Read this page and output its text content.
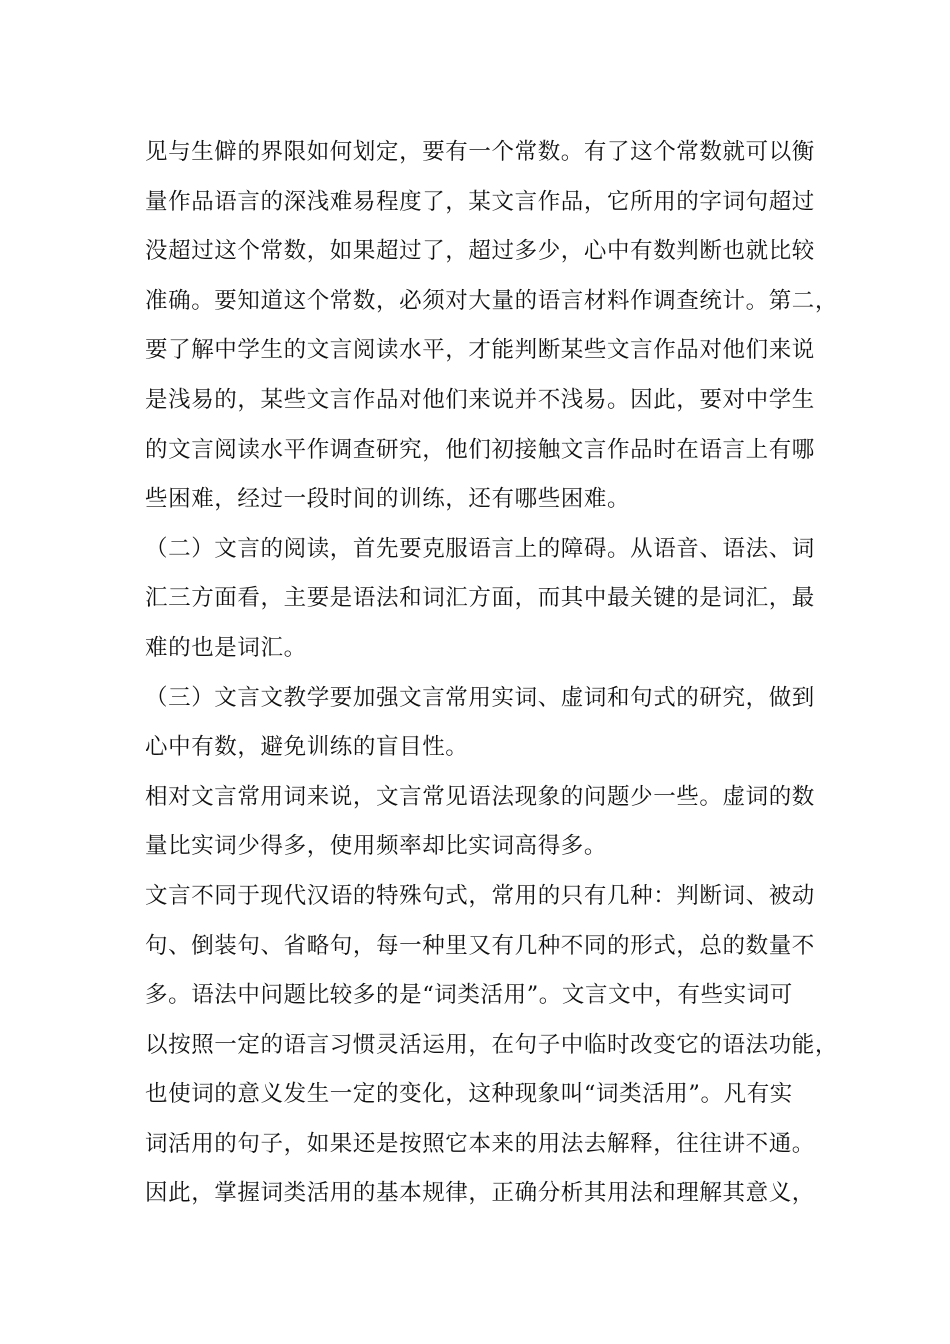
见与生僻的界限如何划定，要有一个常数。有了这个常数就可以衡
量作品语言的深浅难易程度了，某文言作品，它所用的字词句超过
没超过这个常数，如果超过了，超过多少，心中有数判断也就比较
准确。要知道这个常数，必须对大量的语言材料作调查统计。第二，
要了解中学生的文言阅读水平，才能判断某些文言作品对他们来说
是浅易的，某些文言作品对他们来说并不浅易。因此，要对中学生
的文言阅读水平作调查研究，他们初接触文言作品时在语言上有哪
些困难，经过一段时间的训练，还有哪些困难。
（二）文言的阅读，首先要克服语言上的障碍。从语音、语法、词
汇三方面看，主要是语法和词汇方面，而其中最关键的是词汇，最
难的也是词汇。
（三）文言文教学要加强文言常用实词、虚词和句式的研究，做到
心中有数，避免训练的盲目性。
相对文言常用词来说，文言常见语法现象的问题少一些。虚词的数
量比实词少得多，使用频率却比实词高得多。
文言不同于现代汉语的特殊句式，常用的只有几种：判断词、被动
句、倒装句、省略句，每一种里又有几种不同的形式，总的数量不
多。语法中问题比较多的是“词类活用”。文言文中，有些实词可
以按照一定的语言习惯灵活运用，在句子中临时改变它的语法功能，
也使词的意义发生一定的变化，这种现象叫“词类活用”。凡有实
词活用的句子，如果还是按照它本来的用法去解释，往往讲不通。
因此，掌握词类活用的基本规律，正确分析其用法和理解其意义，
